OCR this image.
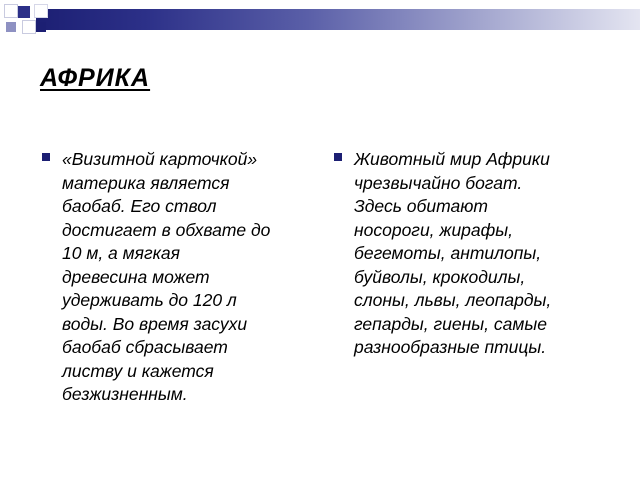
АФРИКА

«Визитной карточкой»
материка является
баобаб. Его ствол
достигает в обхвате до
10 м, а мягкая
древесина может
удерживать до 120 л
воды. Во время засухи
баобаб сбрасывает
листву и кажется
безжизненным.

Животный мир Африки
чрезвычайно богат.
Здесь обитают
носороги, жирафы,
бегемоты, антилопы,
буйволы, крокодилы,
слоны, львы, леопарды,
гепарды, гиены, самые
разнообразные птицы.
